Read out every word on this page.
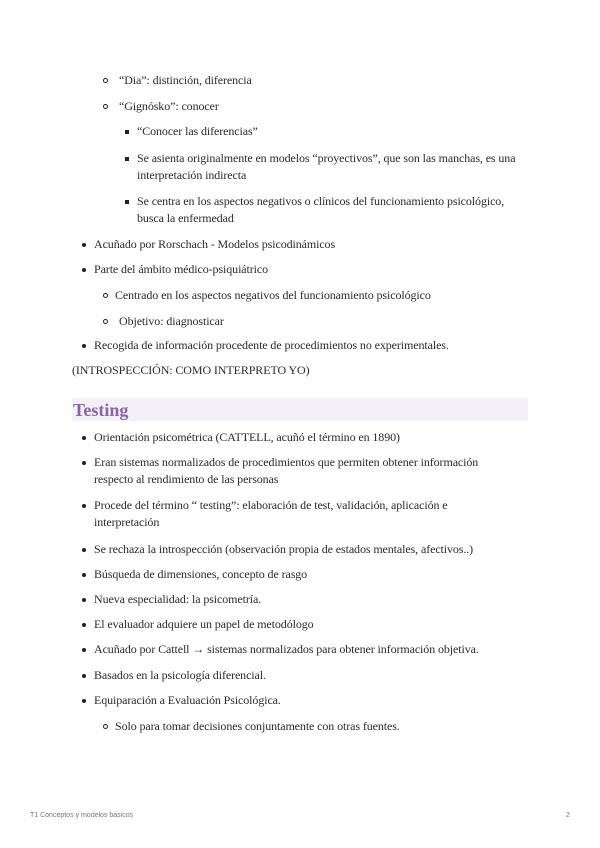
“Dia”: distinción, diferencia
“Gignósko”: conocer
“Conocer las diferencias”
Se asienta originalmente en modelos “proyectivos”, que son las manchas, es una
interpretación indirecta
Se centra en los aspectos negativos o clínicos del funcionamiento psicológico,
busca la enfermedad
Acuñado por Rorschach - Modelos psicodinámicos
Parte del ámbito médico-psiquiátrico
Centrado en los aspectos negativos del funcionamiento psicológico
Objetivo: diagnosticar
Recogida de información procedente de procedimientos no experimentales.
(INTROSPECCIÓN: COMO INTERPRETO YO)
Testing
Orientación psicométrica (CATTELL, acuñó el término en 1890)
Eran sistemas normalizados de procedimientos que permiten obtener información
respecto al rendimiento de las personas
Procede del término “ testing”: elaboración de test, validación, aplicación e
interpretación
Se rechaza la introspección (observación propia de estados mentales, afectivos..)
Búsqueda de dimensiones, concepto de rasgo
Nueva especialidad: la psicometría.
El evaluador adquiere un papel de metodólogo
Acuñado por Cattell → sistemas normalizados para obtener información objetiva.
Basados en la psicología diferencial.
Equiparación a Evaluación Psicológica.
Solo para tomar decisiones conjuntamente con otras fuentes.
T1 Conceptos y modelos básicos	2
